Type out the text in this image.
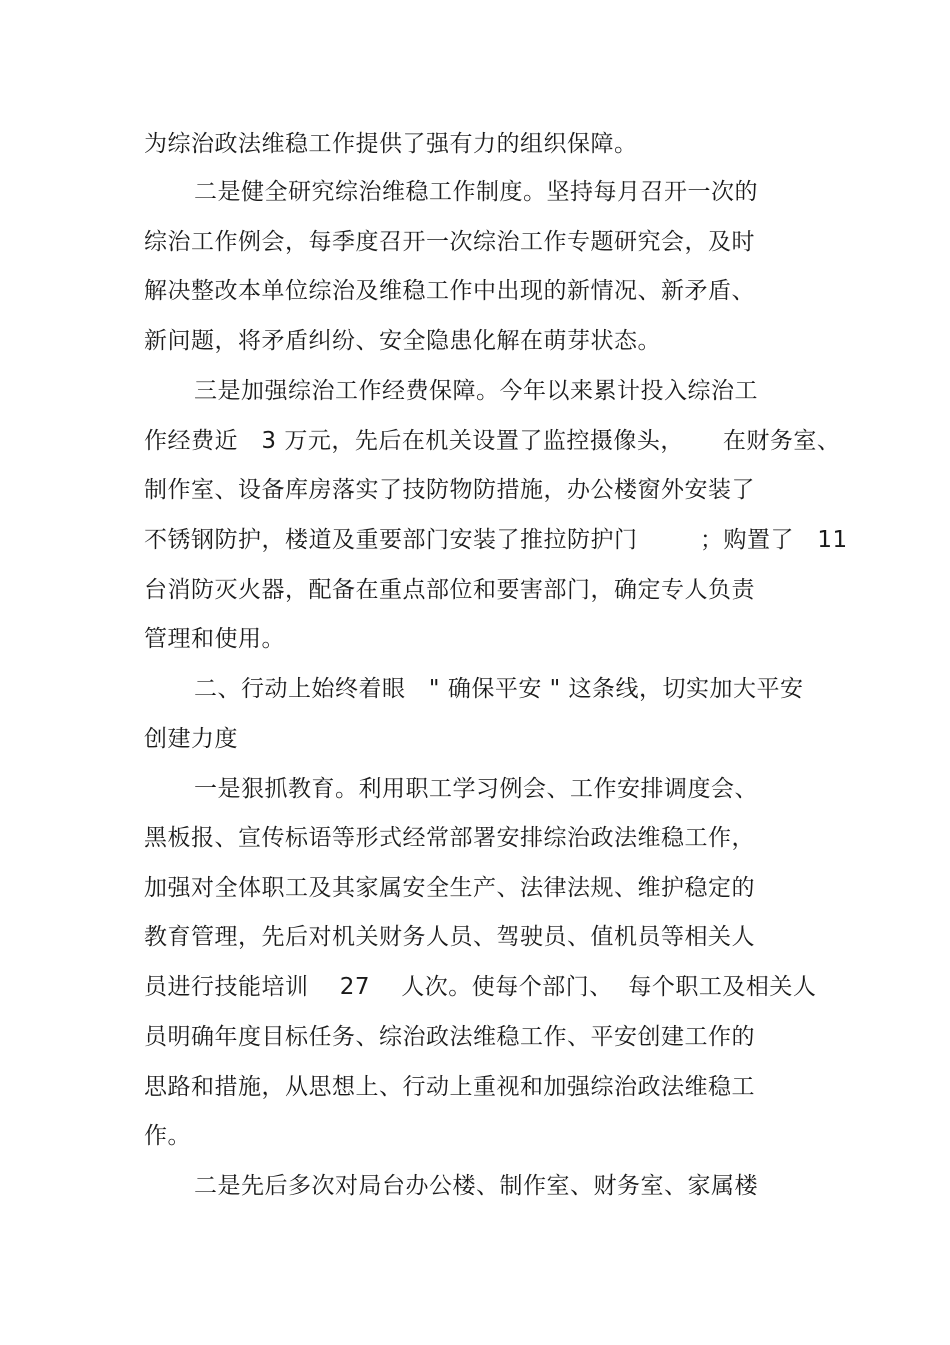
为综治政法维稳工作提供了强有力的组织保障。
二是健全研究综治维稳工作制度。坚持每月召开一次的
综治工作例会，每季度召开一次综治工作专题研究会，及时
解决整改本单位综治及维稳工作中出现的新情况、新矛盾、
新问题，将矛盾纠纷、安全隐患化解在萌芽状态。
三是加强综治工作经费保障。今年以来累计投入综治工
作经费近   3 万元，先后在机关设置了监控摄像头，     在财务室、
制作室、设备库房落实了技防物防措施，办公楼窗外安装了
不锈钢防护，楼道及重要部门安装了推拉防护门        ；购置了   11
台消防灭火器，配备在重点部位和要害部门，确定专人负责
管理和使用。
二、行动上始终着眼   " 确保平安 " 这条线，切实加大平安
创建力度
一是狠抓教育。利用职工学习例会、工作安排调度会、
黑板报、宣传标语等形式经常部署安排综治政法维稳工作，
加强对全体职工及其家属安全生产、法律法规、维护稳定的
教育管理，先后对机关财务人员、驾驶员、值机员等相关人
员进行技能培训    27    人次。使每个部门、  每个职工及相关人
员明确年度目标任务、综治政法维稳工作、平安创建工作的
思路和措施，从思想上、行动上重视和加强综治政法维稳工
作。
二是先后多次对局台办公楼、制作室、财务室、家属楼
